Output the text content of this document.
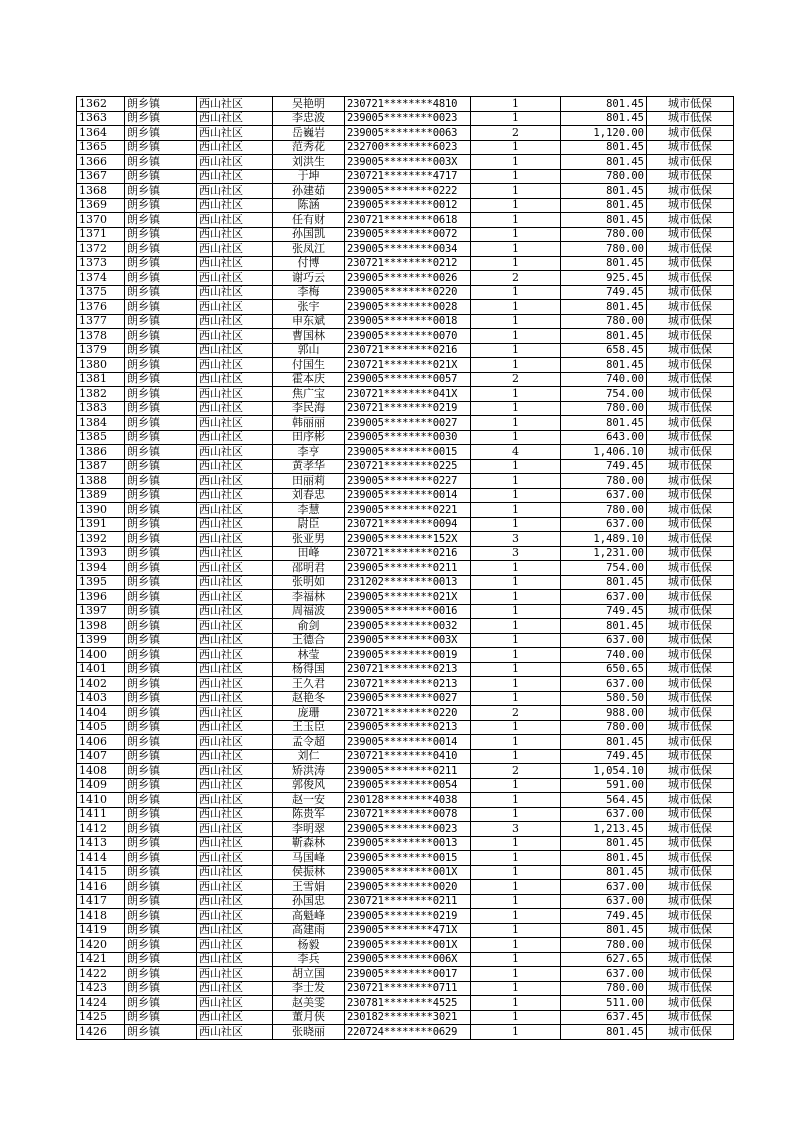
1362	朗乡镇	西山社区	吴艳明	230721********4810	1	801.45	城市低保
1363	朗乡镇	西山社区	李忠波	239005********0023	1	801.45	城市低保
1364	朗乡镇	西山社区	岳巍岩	239005********0063	2	1,120.00	城市低保
1365	朗乡镇	西山社区	范秀花	232700********6023	1	801.45	城市低保
1366	朗乡镇	西山社区	刘洪生	239005********003X	1	801.45	城市低保
1367	朗乡镇	西山社区	于坤	230721********4717	1	780.00	城市低保
1368	朗乡镇	西山社区	孙建茹	239005********0222	1	801.45	城市低保
1369	朗乡镇	西山社区	陈涵	239005********0012	1	801.45	城市低保
1370	朗乡镇	西山社区	任有财	230721********0618	1	801.45	城市低保
1371	朗乡镇	西山社区	孙国凯	239005********0072	1	780.00	城市低保
1372	朗乡镇	西山社区	张凤江	239005********0034	1	780.00	城市低保
1373	朗乡镇	西山社区	付博	230721********0212	1	801.45	城市低保
1374	朗乡镇	西山社区	谢巧云	239005********0026	2	925.45	城市低保
1375	朗乡镇	西山社区	李梅	239005********0220	1	749.45	城市低保
1376	朗乡镇	西山社区	张宇	239005********0028	1	801.45	城市低保
1377	朗乡镇	西山社区	申东斌	239005********0018	1	780.00	城市低保
1378	朗乡镇	西山社区	曹国林	239005********0070	1	801.45	城市低保
1379	朗乡镇	西山社区	郭山	230721********0216	1	658.45	城市低保
1380	朗乡镇	西山社区	付国生	230721********021X	1	801.45	城市低保
1381	朗乡镇	西山社区	霍本庆	239005********0057	2	740.00	城市低保
1382	朗乡镇	西山社区	焦广宝	230721********041X	1	754.00	城市低保
1383	朗乡镇	西山社区	李民海	230721********0219	1	780.00	城市低保
1384	朗乡镇	西山社区	韩丽丽	239005********0027	1	801.45	城市低保
1385	朗乡镇	西山社区	田序彬	239005********0030	1	643.00	城市低保
1386	朗乡镇	西山社区	李亨	239005********0015	4	1,406.10	城市低保
1387	朗乡镇	西山社区	黄孝华	230721********0225	1	749.45	城市低保
1388	朗乡镇	西山社区	田丽莉	239005********0227	1	780.00	城市低保
1389	朗乡镇	西山社区	刘春忠	239005********0014	1	637.00	城市低保
1390	朗乡镇	西山社区	李慧	239005********0221	1	780.00	城市低保
1391	朗乡镇	西山社区	尉臣	230721********0094	1	637.00	城市低保
1392	朗乡镇	西山社区	张亚男	239005********152X	3	1,489.10	城市低保
1393	朗乡镇	西山社区	田峰	230721********0216	3	1,231.00	城市低保
1394	朗乡镇	西山社区	邵明君	239005********0211	1	754.00	城市低保
1395	朗乡镇	西山社区	张明如	231202********0013	1	801.45	城市低保
1396	朗乡镇	西山社区	李福林	239005********021X	1	637.00	城市低保
1397	朗乡镇	西山社区	周福波	239005********0016	1	749.45	城市低保
1398	朗乡镇	西山社区	俞剑	239005********0032	1	801.45	城市低保
1399	朗乡镇	西山社区	王德合	239005********003X	1	637.00	城市低保
1400	朗乡镇	西山社区	林莹	239005********0019	1	740.00	城市低保
1401	朗乡镇	西山社区	杨得国	230721********0213	1	650.65	城市低保
1402	朗乡镇	西山社区	王久君	230721********0213	1	637.00	城市低保
1403	朗乡镇	西山社区	赵艳冬	239005********0027	1	580.50	城市低保
1404	朗乡镇	西山社区	庞珊	230721********0220	2	988.00	城市低保
1405	朗乡镇	西山社区	王玉臣	239005********0213	1	780.00	城市低保
1406	朗乡镇	西山社区	孟令超	239005********0014	1	801.45	城市低保
1407	朗乡镇	西山社区	刘仁	230721********0410	1	749.45	城市低保
1408	朗乡镇	西山社区	矫洪涛	239005********0211	2	1,054.10	城市低保
1409	朗乡镇	西山社区	郭俊风	239005********0054	1	591.00	城市低保
1410	朗乡镇	西山社区	赵一安	230128********4038	1	564.45	城市低保
1411	朗乡镇	西山社区	陈贵军	230721********0078	1	637.00	城市低保
1412	朗乡镇	西山社区	李明翠	239005********0023	3	1,213.45	城市低保
1413	朗乡镇	西山社区	靳森林	239005********0013	1	801.45	城市低保
1414	朗乡镇	西山社区	马国峰	239005********0015	1	801.45	城市低保
1415	朗乡镇	西山社区	侯振林	239005********001X	1	801.45	城市低保
1416	朗乡镇	西山社区	王雪娟	239005********0020	1	637.00	城市低保
1417	朗乡镇	西山社区	孙国忠	230721********0211	1	637.00	城市低保
1418	朗乡镇	西山社区	高魁峰	239005********0219	1	749.45	城市低保
1419	朗乡镇	西山社区	高建雨	239005********471X	1	801.45	城市低保
1420	朗乡镇	西山社区	杨毅	239005********001X	1	780.00	城市低保
1421	朗乡镇	西山社区	李兵	239005********006X	1	627.65	城市低保
1422	朗乡镇	西山社区	胡立国	239005********0017	1	637.00	城市低保
1423	朗乡镇	西山社区	李士发	230721********0711	1	780.00	城市低保
1424	朗乡镇	西山社区	赵美雯	230781********4525	1	511.00	城市低保
1425	朗乡镇	西山社区	董月侠	230182********3021	1	637.45	城市低保
1426	朗乡镇	西山社区	张晓丽	220724********0629	1	801.45	城市低保
